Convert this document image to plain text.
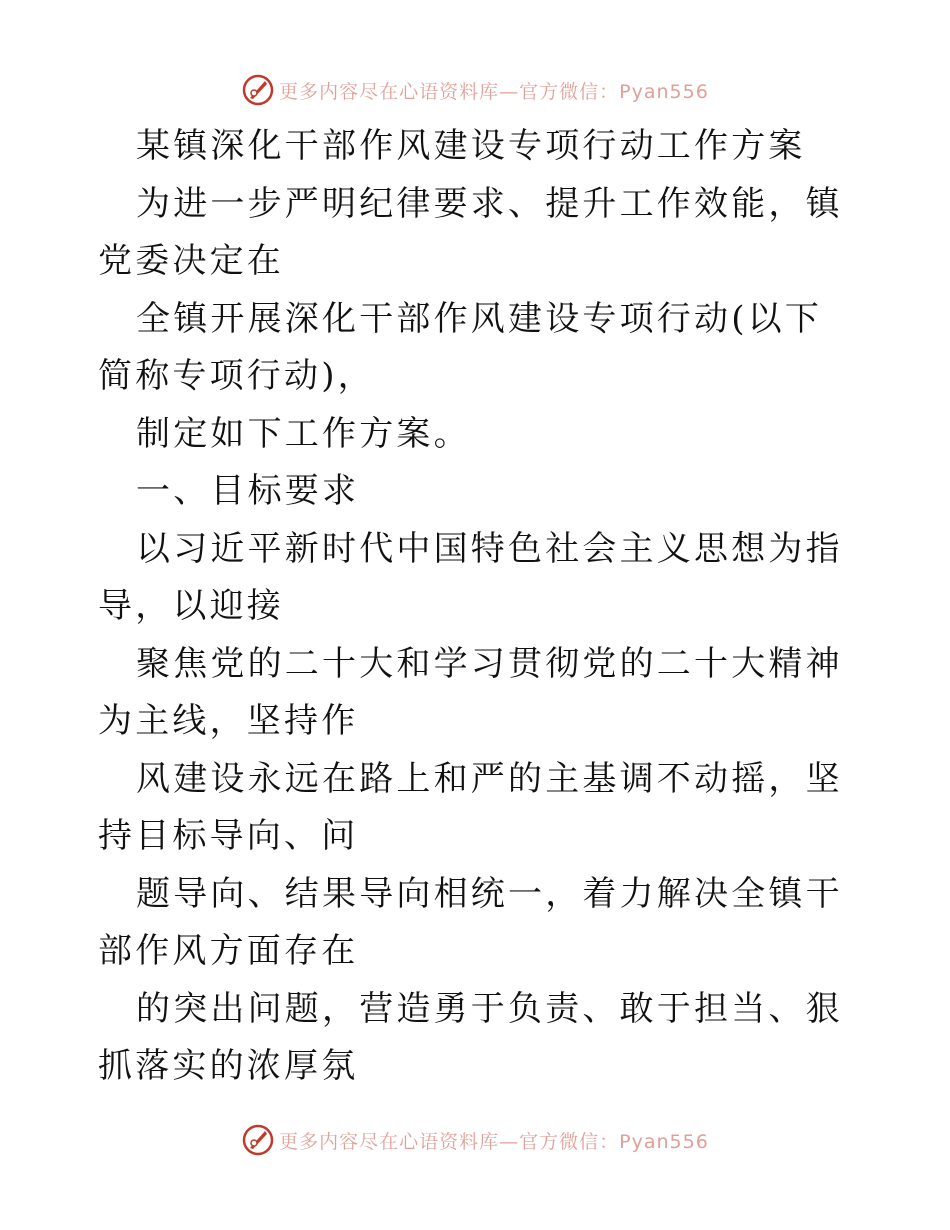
更多内容尽在心语资料库—官方微信：Pyan556

某镇深化干部作风建设专项行动工作方案

为进一步严明纪律要求、提升工作效能，镇党委决定在

全镇开展深化干部作风建设专项行动(以下简称专项行动)，

制定如下工作方案。

一、目标要求

以习近平新时代中国特色社会主义思想为指导，以迎接

聚焦党的二十大和学习贯彻党的二十大精神为主线，坚持作

风建设永远在路上和严的主基调不动摇，坚持目标导向、问

题导向、结果导向相统一，着力解决全镇干部作风方面存在

的突出问题，营造勇于负责、敢于担当、狠抓落实的浓厚氛

更多内容尽在心语资料库—官方微信：Pyan556
